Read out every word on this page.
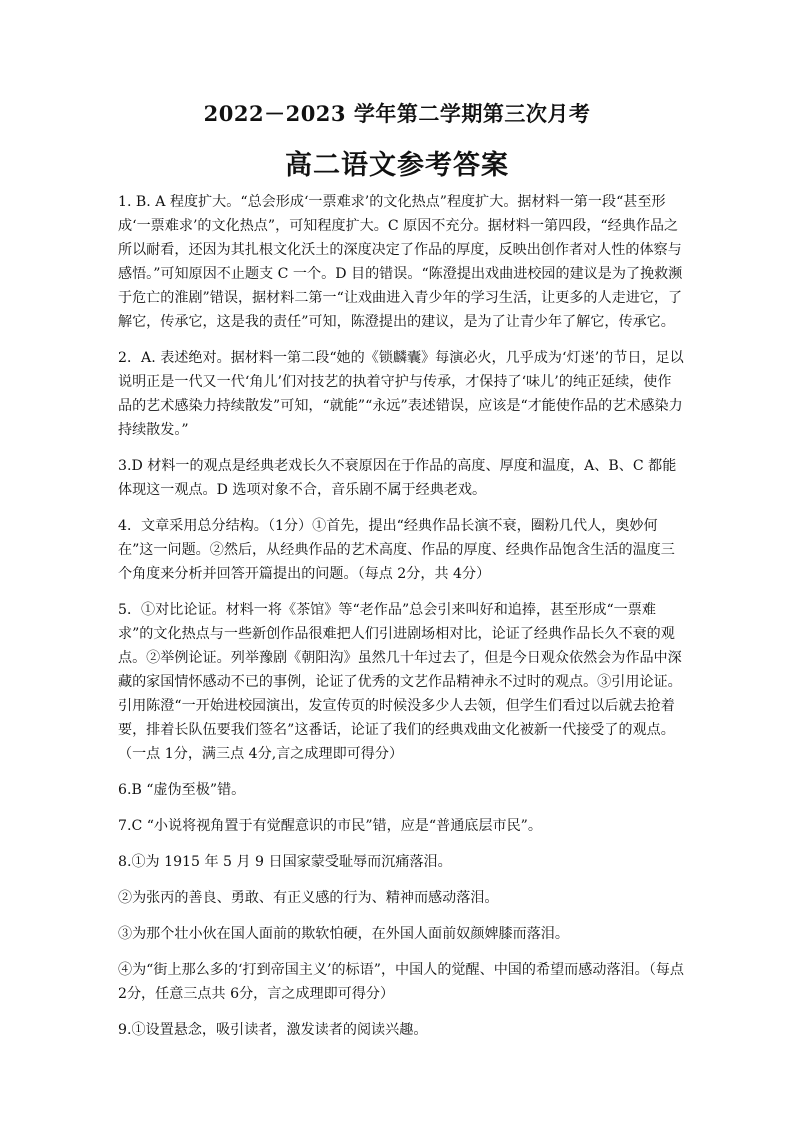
2022－2023 学年第二学期第三次月考
高二语文参考答案

1. B. A 程度扩大。“总会形成‘一票难求’的文化热点”程度扩大。据材料一第一段“甚至形成‘一票难求’的文化热点”，可知程度扩大。C 原因不充分。据材料一第四段，“经典作品之所以耐看，还因为其扎根文化沃土的深度决定了作品的厚度，反映出创作者对人性的体察与感悟。”可知原因不止题支 C 一个。D 目的错误。“陈澄提出戏曲进校园的建议是为了挽救濒于危亡的淮剧”错误，据材料二第一“让戏曲进入青少年的学习生活，让更多的人走进它，了解它，传承它，这是我的责任”可知，陈澄提出的建议，是为了让青少年了解它，传承它。

2．A. 表述绝对。据材料一第二段“她的《锁麟囊》每演必火，几乎成为‘灯迷’的节日，足以说明正是一代又一代‘角儿’们对技艺的执着守护与传承，才保持了‘味儿’的纯正延续，使作品的艺术感染力持续散发”可知，“就能”“永远”表述错误，应该是“才能使作品的艺术感染力持续散发。”

3.D 材料一的观点是经典老戏长久不衰原因在于作品的高度、厚度和温度，A、B、C 都能体现这一观点。D 选项对象不合，音乐剧不属于经典老戏。

4．文章采用总分结构。（1分）①首先，提出“经典作品长演不衰，圈粉几代人，奥妙何在”这一问题。②然后，从经典作品的艺术高度、作品的厚度、经典作品饱含生活的温度三个角度来分析并回答开篇提出的问题。（每点 2分，共 4分）

5．①对比论证。材料一将《茶馆》等“老作品”总会引来叫好和追捧，甚至形成“一票难求”的文化热点与一些新创作品很难把人们引进剧场相对比，论证了经典作品长久不衰的观点。②举例论证。列举豫剧《朝阳沟》虽然几十年过去了，但是今日观众依然会为作品中深藏的家国情怀感动不已的事例，论证了优秀的文艺作品精神永不过时的观点。③引用论证。引用陈澄“一开始进校园演出，发宣传页的时候没多少人去领，但学生们看过以后就去抢着要，排着长队伍要我们签名”这番话，论证了我们的经典戏曲文化被新一代接受了的观点。（一点 1分，满三点 4分,言之成理即可得分）

6.B “虚伪至极”错。

7.C “小说将视角置于有觉醒意识的市民”错，应是“普通底层市民”。

8.①为 1915 年 5 月 9 日国家蒙受耻辱而沉痛落泪。

②为张丙的善良、勇敢、有正义感的行为、精神而感动落泪。

③为那个壮小伙在国人面前的欺软怕硬，在外国人面前奴颜婢膝而落泪。

④为“街上那么多的‘打到帝国主义’的标语”，中国人的觉醒、中国的希望而感动落泪。（每点 2分，任意三点共 6分，言之成理即可得分）

9.①设置悬念，吸引读者，激发读者的阅读兴趣。
